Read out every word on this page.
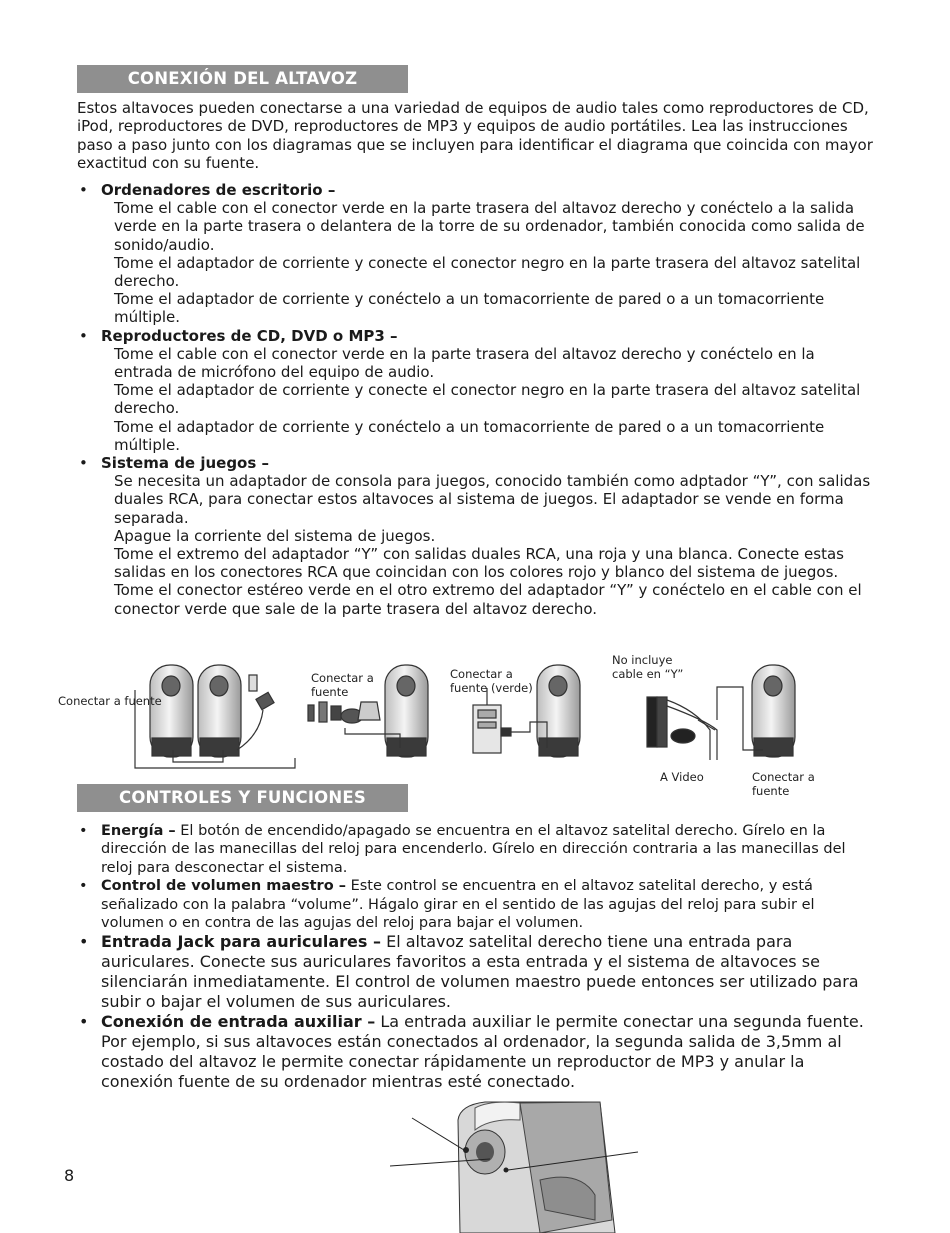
CONEXIÓN DEL ALTAVOZ
Estos altavoces pueden conectarse a una variedad de equipos de audio tales como reproductores de CD, iPod, reproductores de DVD, reproductores de MP3 y equipos de audio portátiles. Lea las instrucciones paso a paso junto con los diagramas que se incluyen para identificar el diagrama que coincida con mayor exactitud con su fuente.
• Ordenadores de escritorio –
Tome el cable con el conector verde en la parte trasera del altavoz derecho y conéctelo a la salida verde en la parte trasera o delantera de la torre de su ordenador, también conocida como salida de sonido/audio.
Tome el adaptador de corriente y conecte el conector negro en la parte trasera del altavoz satelital derecho.
Tome el adaptador de corriente y conéctelo a un tomacorriente de pared o a un tomacorriente múltiple.
• Reproductores de CD, DVD o MP3 –
Tome el cable con el conector verde en la parte trasera del altavoz derecho y conéctelo en la entrada de micrófono del equipo de audio.
Tome el adaptador de corriente y conecte el conector negro en la parte trasera del altavoz satelital derecho.
Tome el adaptador de corriente y conéctelo a un tomacorriente de pared o a un tomacorriente múltiple.
• Sistema de juegos –
Se necesita un adaptador de consola para juegos, conocido también como adptador “Y”, con salidas duales RCA, para conectar estos altavoces al sistema de juegos. El adaptador se vende en forma separada.
Apague la corriente del sistema de juegos.
Tome el extremo del adaptador “Y” con salidas duales RCA, una roja y una blanca. Conecte estas salidas en los conectores RCA que coincidan con los colores rojo y blanco del sistema de juegos.
Tome el conector estéreo verde en el otro extremo del adaptador “Y” y conéctelo en el cable con el conector verde que sale de la parte trasera del altavoz derecho.
Conectar a fuente
Conectar a fuente
Conectar a fuente (verde)
No incluye cable en “Y”
A Video	Conectar a fuente
CONTROLES Y FUNCIONES
• Energía – El botón de encendido/apagado se encuentra en el altavoz satelital derecho. Gírelo en la dirección de las manecillas del reloj para encenderlo. Gírelo en dirección contraria a las manecillas del reloj para desconectar el sistema.
• Control de volumen maestro – Este control se encuentra en el altavoz satelital derecho, y está señalizado con la palabra “volume”. Hágalo girar en el sentido de las agujas del reloj para subir el volumen o en contra de las agujas del reloj para bajar el volumen.
• Entrada Jack para auriculares – El altavoz satelital derecho tiene una entrada para auriculares. Conecte sus auriculares favoritos a esta entrada y el sistema de altavoces se silenciarán inmediatamente. El control de volumen maestro puede entonces ser utilizado para subir o bajar el volumen de sus auriculares.
• Conexión de entrada auxiliar – La entrada auxiliar le permite conectar una segunda fuente. Por ejemplo, si sus altavoces están conectados al ordenador, la segunda salida de 3,5mm al costado del altavoz le permite conectar rápidamente un reproductor de MP3 y anular la conexión fuente de su ordenador mientras esté conectado.
8
